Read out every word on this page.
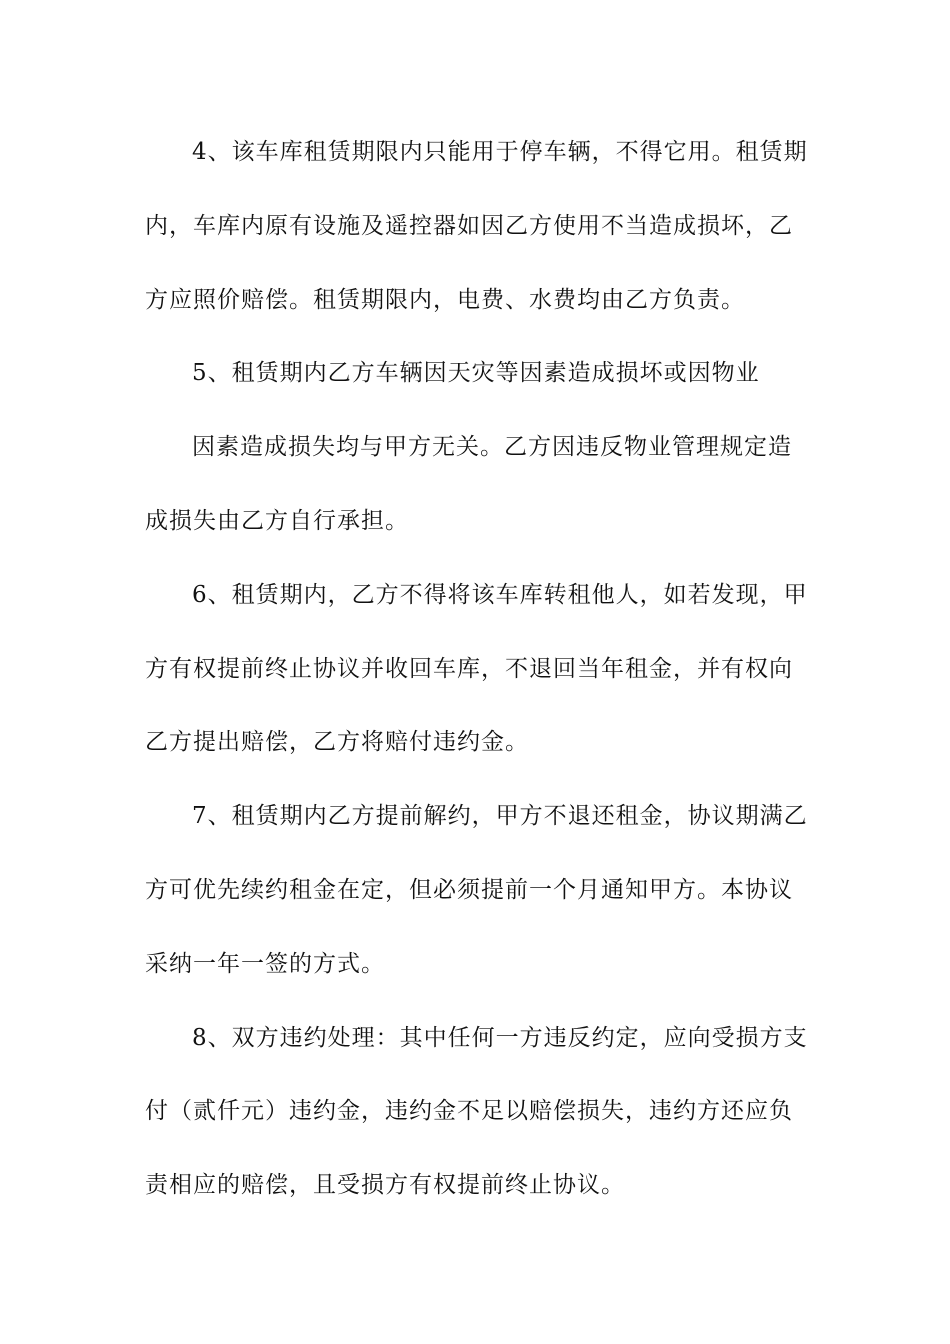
4、该车库租赁期限内只能用于停车辆，不得它用。租赁期
内，车库内原有设施及遥控器如因乙方使用不当造成损坏，乙
方应照价赔偿。租赁期限内，电费、水费均由乙方负责。
5、租赁期内乙方车辆因天灾等因素造成损坏或因物业
因素造成损失均与甲方无关。乙方因违反物业管理规定造
成损失由乙方自行承担。
6、租赁期内，乙方不得将该车库转租他人，如若发现，甲
方有权提前终止协议并收回车库，不退回当年租金，并有权向
乙方提出赔偿，乙方将赔付违约金。
7、租赁期内乙方提前解约，甲方不退还租金，协议期满乙
方可优先续约租金在定，但必须提前一个月通知甲方。本协议
采纳一年一签的方式。
8、双方违约处理：其中任何一方违反约定，应向受损方支
付（贰仟元）违约金，违约金不足以赔偿损失，违约方还应负
责相应的赔偿，且受损方有权提前终止协议。
